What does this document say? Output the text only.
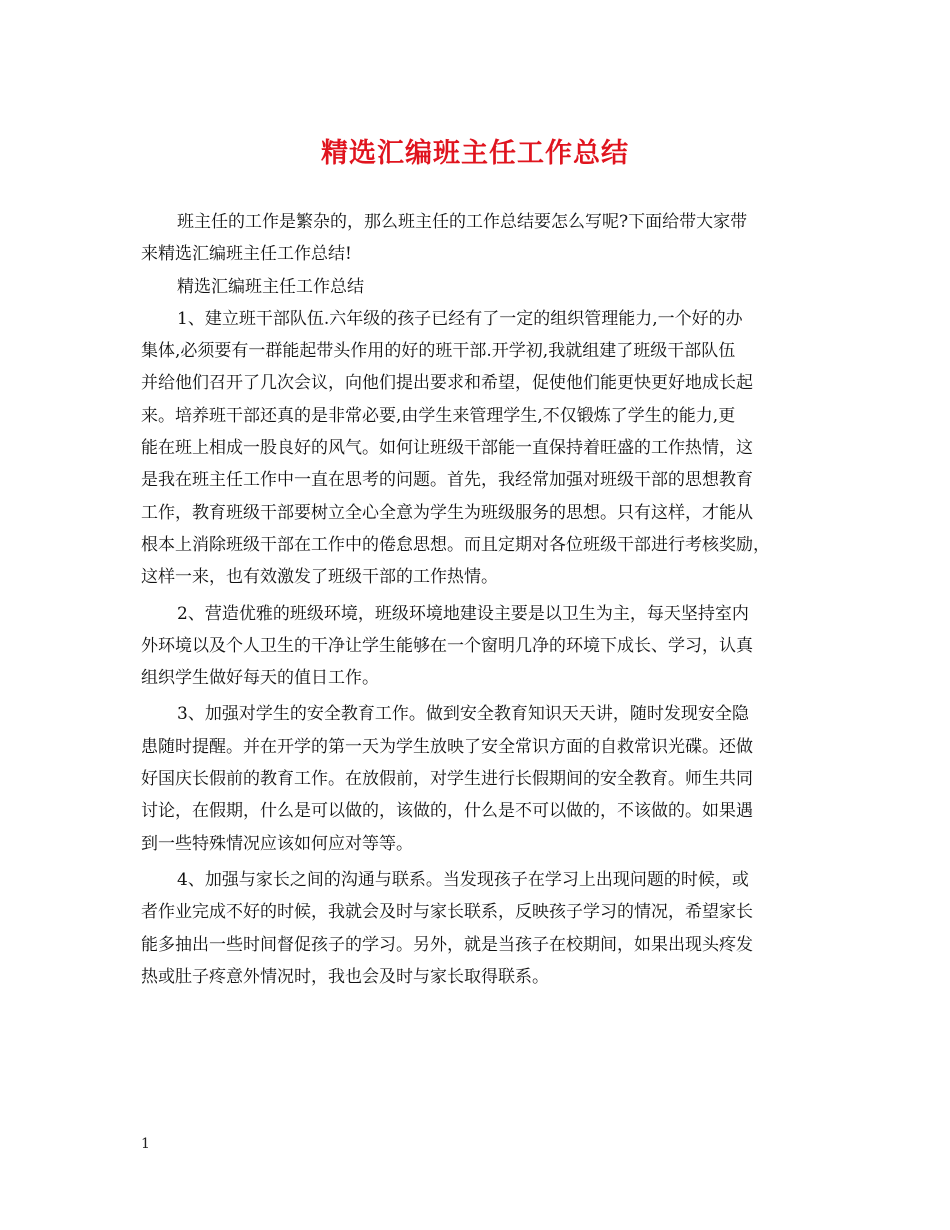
精选汇编班主任工作总结

班主任的工作是繁杂的，那么班主任的工作总结要怎么写呢?下面给带大家带
来精选汇编班主任工作总结!

精选汇编班主任工作总结

1、建立班干部队伍.六年级的孩子已经有了一定的组织管理能力,一个好的办
集体,必须要有一群能起带头作用的好的班干部.开学初,我就组建了班级干部队伍
并给他们召开了几次会议，向他们提出要求和希望，促使他们能更快更好地成长起
来。培养班干部还真的是非常必要,由学生来管理学生,不仅锻炼了学生的能力,更
能在班上相成一股良好的风气。如何让班级干部能一直保持着旺盛的工作热情，这
是我在班主任工作中一直在思考的问题。首先，我经常加强对班级干部的思想教育
工作，教育班级干部要树立全心全意为学生为班级服务的思想。只有这样，才能从
根本上消除班级干部在工作中的倦怠思想。而且定期对各位班级干部进行考核奖励，
这样一来，也有效激发了班级干部的工作热情。

2、营造优雅的班级环境，班级环境地建设主要是以卫生为主，每天坚持室内
外环境以及个人卫生的干净让学生能够在一个窗明几净的环境下成长、学习，认真
组织学生做好每天的值日工作。

3、加强对学生的安全教育工作。做到安全教育知识天天讲，随时发现安全隐
患随时提醒。并在开学的第一天为学生放映了安全常识方面的自救常识光碟。还做
好国庆长假前的教育工作。在放假前，对学生进行长假期间的安全教育。师生共同
讨论，在假期，什么是可以做的，该做的，什么是不可以做的，不该做的。如果遇
到一些特殊情况应该如何应对等等。

4、加强与家长之间的沟通与联系。当发现孩子在学习上出现问题的时候，或
者作业完成不好的时候，我就会及时与家长联系，反映孩子学习的情况，希望家长
能多抽出一些时间督促孩子的学习。另外，就是当孩子在校期间，如果出现头疼发
热或肚子疼意外情况时，我也会及时与家长取得联系。

1
